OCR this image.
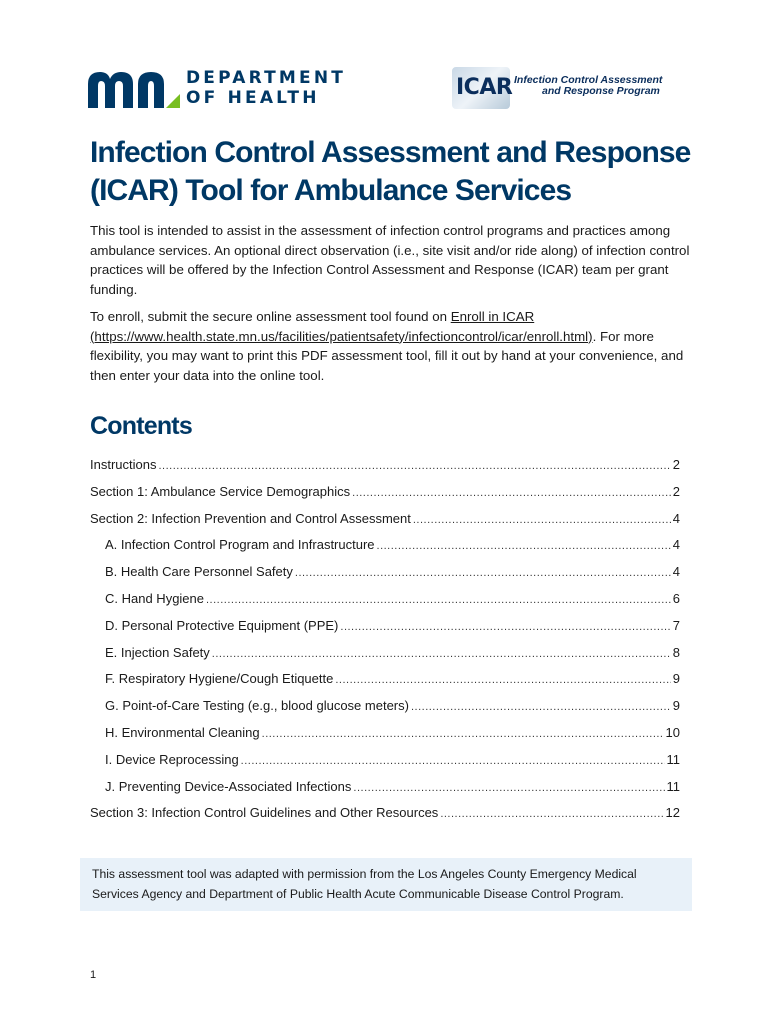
DEPARTMENT
OF HEALTH	ICAR Infection Control Assessment
and Response Program
Infection Control Assessment and Response
(ICAR) Tool for Ambulance Services

This tool is intended to assist in the assessment of infection control programs and practices among ambulance services. An optional direct observation (i.e., site visit and/or ride along) of infection control practices will be offered by the Infection Control Assessment and Response (ICAR) team per grant funding.

To enroll, submit the secure online assessment tool found on Enroll in ICAR
(https://www.health.state.mn.us/facilities/patientsafety/infectioncontrol/icar/enroll.html). For more flexibility, you may want to print this PDF assessment tool, fill it out by hand at your convenience, and then enter your data into the online tool.

Contents
Instructions .....	2
Section 1: Ambulance Service Demographics .....	2
Section 2: Infection Prevention and Control Assessment .....	4
A. Infection Control Program and Infrastructure .....	4
B. Health Care Personnel Safety .....	4
C. Hand Hygiene .....	6
D. Personal Protective Equipment (PPE) .....	7
E. Injection Safety .....	8
F. Respiratory Hygiene/Cough Etiquette .....	9
G. Point-of-Care Testing (e.g., blood glucose meters) .....	9
H. Environmental Cleaning .....	10
I. Device Reprocessing .....	11
J. Preventing Device-Associated Infections .....	11
Section 3: Infection Control Guidelines and Other Resources .....	12

This assessment tool was adapted with permission from the Los Angeles County Emergency Medical Services Agency and Department of Public Health Acute Communicable Disease Control Program.

1
